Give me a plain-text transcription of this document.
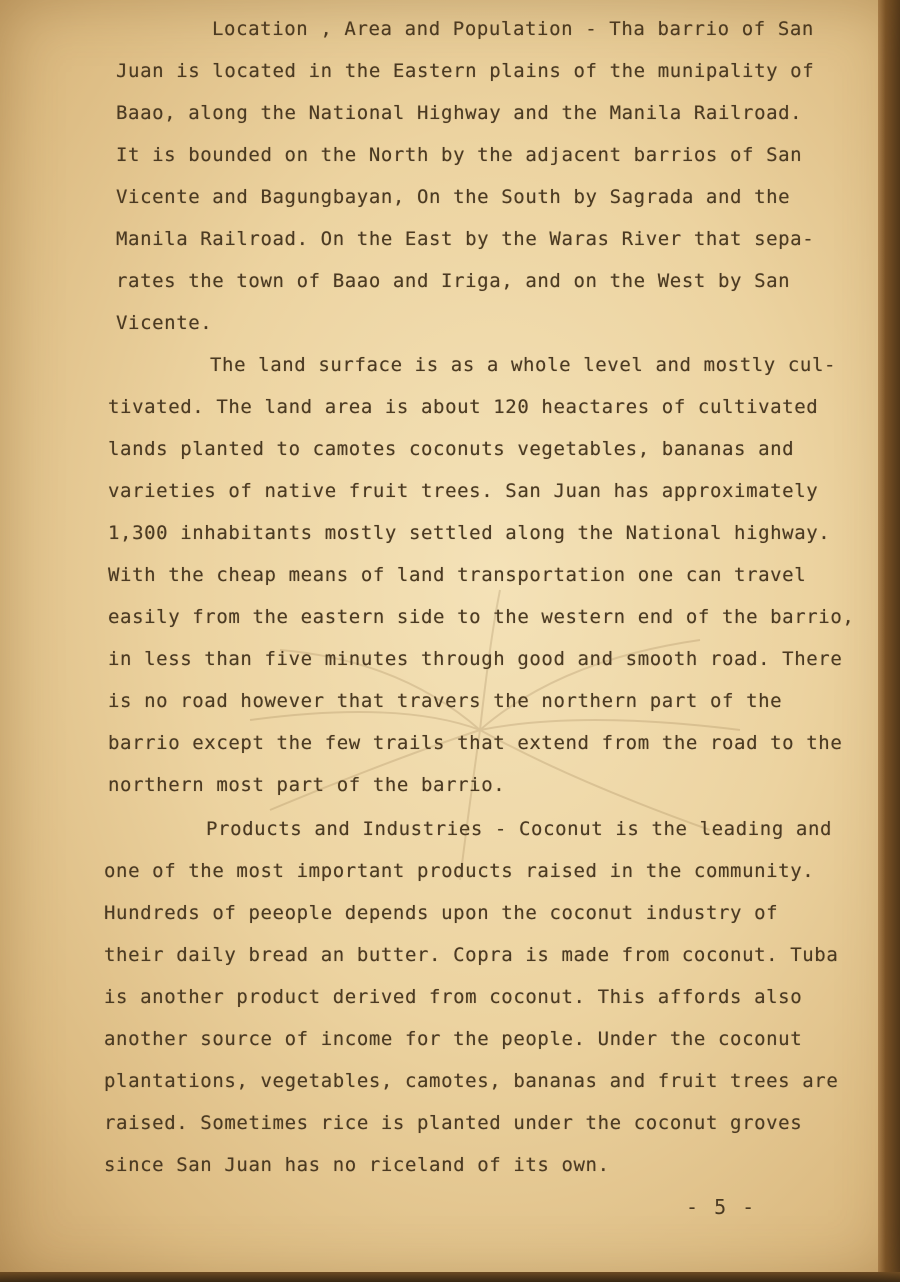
Location , Area and Population - Tha barrio of San
Juan is located in the Eastern plains of the munipality of
Baao, along the National Highway and the Manila Railroad.
It is bounded on the North by the adjacent barrios of San
Vicente and Bagungbayan, On the South by Sagrada and the
Manila Railroad. On the East by the Waras River that sepa-
rates the town of Baao and Iriga, and on the West by San
Vicente.
The land surface is as a whole level and mostly cul-
tivated. The land area is about 120 heactares of cultivated
lands planted to camotes coconuts vegetables, bananas and
varieties of native fruit trees. San Juan has approximately
1,300 inhabitants mostly settled along the National highway.
With the cheap means of land transportation one can travel
easily from the eastern side to the western end of the barrio,
in less than five minutes through good and smooth road. There
is no road however that travers the northern part of the
barrio except the few trails that extend from the road to the
northern most part of the barrio.
Products and Industries - Coconut is the leading and
one of the most important products raised in the community.
Hundreds of peeople depends upon the coconut industry of
their daily bread an butter. Copra is made from coconut. Tuba
is another product derived from coconut. This affords also
another source of income for the people. Under the coconut
plantations, vegetables, camotes, bananas and fruit trees are
raised. Sometimes rice is planted under the coconut groves
since San Juan has no riceland of its own.
- 5 -
